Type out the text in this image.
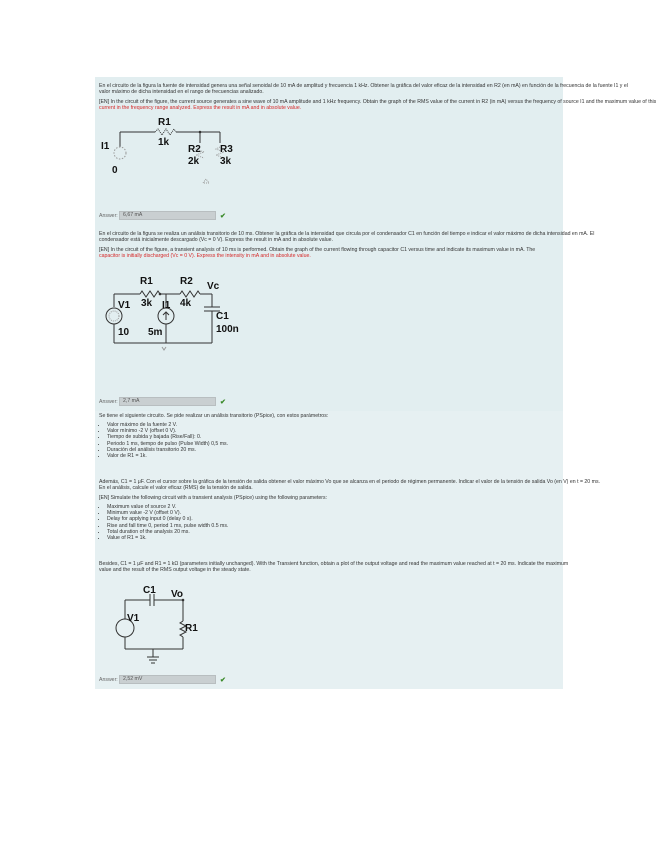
En el circuito de la figura la fuente de intensidad genera una señal senoidal de 10 mA de amplitud y frecuencia 1 kHz. Obtener la gráfica del valor eficaz de la intensidad en R2 (en mA) en función de la frecuencia de la fuente I1 y el
valor máximo de dicha intensidad en el rango de frecuencias analizado.
[EN] In the circuit of the figure, the current source generates a sine wave of 10 mA amplitude and 1 kHz frequency. Obtain the graph of the RMS value of the current in R2 (in mA) versus the frequency of source I1 and the maximum value of this
current in the frequency range analyzed. Express the result in mA and in absolute value.
R1
1k
I1
0
R2
2k
R3
3k
Answer:	6,67 mA	✔
En el circuito de la figura se realiza un análisis transitorio de 10 ms. Obtener la gráfica de la intensidad que circula por el condensador C1 en función del tiempo e indicar el valor máximo de dicha intensidad en mA. El
condensador está inicialmente descargado (Vc = 0 V). Express the result in mA and in absolute value.
[EN] In the circuit of the figure, a transient analysis of 10 ms is performed. Obtain the graph of the current flowing through capacitor C1 versus time and indicate its maximum value in mA. The
capacitor is initially discharged (Vc = 0 V). Express the intensity in mA and in absolute value.
R1
3k
R2
4k
V1
10
I1
5m
Vc
C1
100n
Answer:	2,7 mA	✔
Se tiene el siguiente circuito. Se pide realizar un análisis transitorio (PSpice), con estos parámetros:
• Valor máximo de la fuente 2 V.
• Valor mínimo -2 V (offset 0 V).
• Tiempo de subida y bajada (Rise/Fall): 0.
• Periodo 1 ms, tiempo de pulso (Pulse Width) 0,5 ms.
• Duración del análisis transitorio 20 ms.
• Valor de R1 = 1k.
Además, C1 = 1 μF. Con el cursor sobre la gráfica de la tensión de salida obtener el valor máximo Vo que se alcanza en el periodo de régimen permanente. Indicar el valor de la tensión de salida Vo (en V) en t = 20 ms.
En el análisis, calcule el valor eficaz (RMS) de la tensión de salida.
[EN] Simulate the following circuit with a transient analysis (PSpice) using the following parameters:
• Maximum value of source 2 V.
• Minimum value -2 V (offset 0 V).
• Delay for applying input 0 (delay 0 s).
• Rise and fall time 0, period 1 ms, pulse width 0.5 ms.
• Total duration of the analysis 20 ms.
• Value of R1 = 1k.
Besides, C1 = 1 μF and R1 = 1 kΩ (parameters initially unchanged). With the Transient function, obtain a plot of the output voltage and read the maximum value reached at t = 20 ms. Indicate the maximum
value and the result of the RMS output voltage in the steady state.
C1 Vo
V1
R1
Answer:	2,52 mV	✔
